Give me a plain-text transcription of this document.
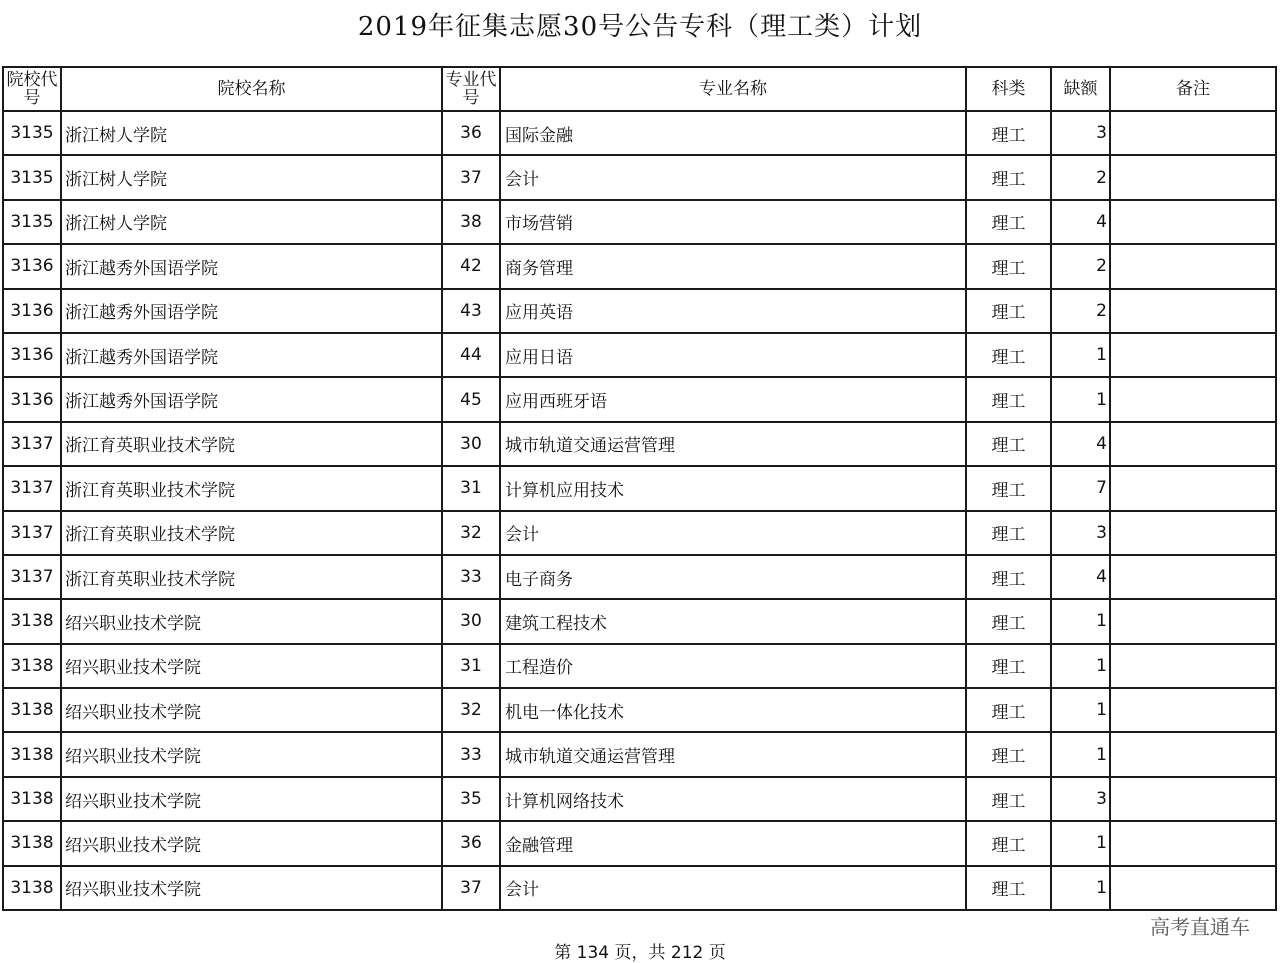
2019年征集志愿30号公告专科（理工类）计划
院校代号	院校名称	专业代号	专业名称	科类	缺额	备注
3135	浙江树人学院	36	国际金融	理工	3	
3135	浙江树人学院	37	会计	理工	2	
3135	浙江树人学院	38	市场营销	理工	4	
3136	浙江越秀外国语学院	42	商务管理	理工	2	
3136	浙江越秀外国语学院	43	应用英语	理工	2	
3136	浙江越秀外国语学院	44	应用日语	理工	1	
3136	浙江越秀外国语学院	45	应用西班牙语	理工	1	
3137	浙江育英职业技术学院	30	城市轨道交通运营管理	理工	4	
3137	浙江育英职业技术学院	31	计算机应用技术	理工	7	
3137	浙江育英职业技术学院	32	会计	理工	3	
3137	浙江育英职业技术学院	33	电子商务	理工	4	
3138	绍兴职业技术学院	30	建筑工程技术	理工	1	
3138	绍兴职业技术学院	31	工程造价	理工	1	
3138	绍兴职业技术学院	32	机电一体化技术	理工	1	
3138	绍兴职业技术学院	33	城市轨道交通运营管理	理工	1	
3138	绍兴职业技术学院	35	计算机网络技术	理工	3	
3138	绍兴职业技术学院	36	金融管理	理工	1	
3138	绍兴职业技术学院	37	会计	理工	1	
高考直通车
第 134 页，共 212 页
